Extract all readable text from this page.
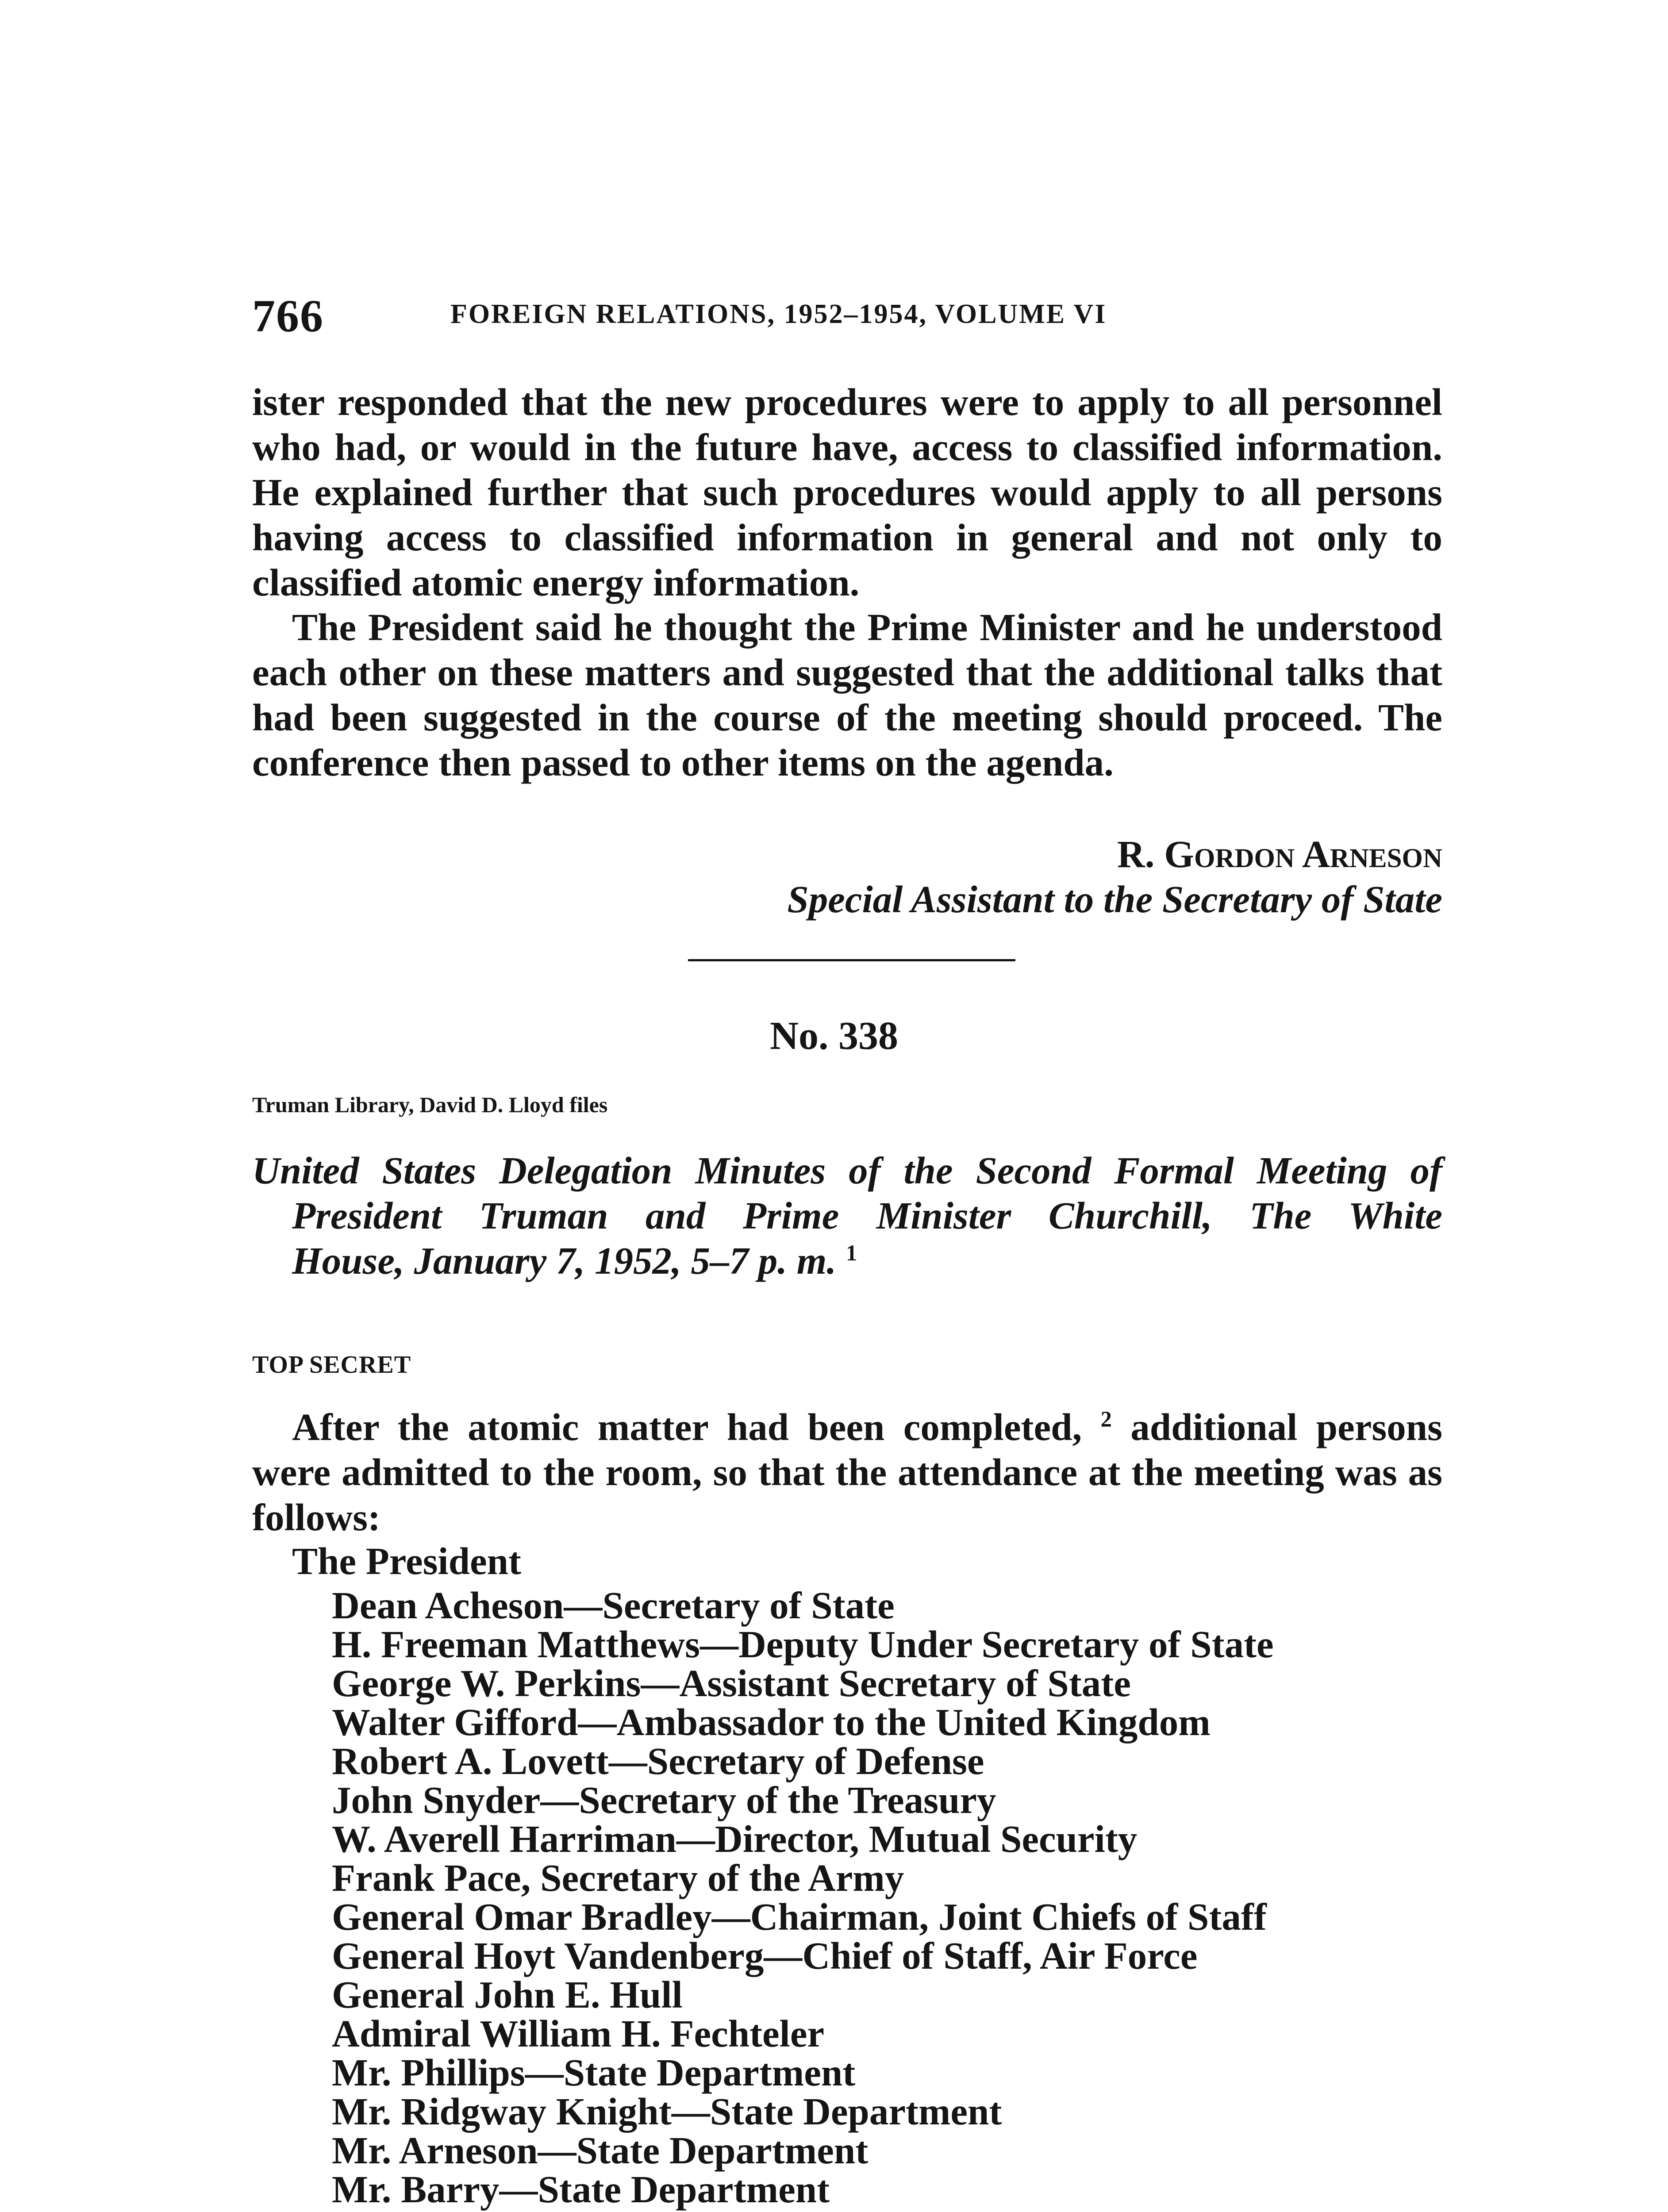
766	FOREIGN RELATIONS, 1952–1954, VOLUME VI

ister responded that the new procedures were to apply to all personnel who had, or would in the future have, access to classified information. He explained further that such procedures would apply to all persons having access to classified information in general and not only to classified atomic energy information.

The President said he thought the Prime Minister and he understood each other on these matters and suggested that the additional talks that had been suggested in the course of the meeting should proceed. The conference then passed to other items on the agenda.

R. Gordon Arneson
Special Assistant to the Secretary of State
No. 338
Truman Library, David D. Lloyd files
United States Delegation Minutes of the Second Formal Meeting of
President Truman and Prime Minister Churchill, The White
House, January 7, 1952, 5–7 p. m. $^1$
TOP SECRET

After the atomic matter had been completed, $^2$ additional persons were admitted to the room, so that the attendance at the meeting was as follows:

The President
Dean Acheson—Secretary of State
H. Freeman Matthews—Deputy Under Secretary of State
George W. Perkins—Assistant Secretary of State
Walter Gifford—Ambassador to the United Kingdom
Robert A. Lovett—Secretary of Defense
John Snyder—Secretary of the Treasury
W. Averell Harriman—Director, Mutual Security
Frank Pace, Secretary of the Army
General Omar Bradley—Chairman, Joint Chiefs of Staff
General Hoyt Vandenberg—Chief of Staff, Air Force
General John E. Hull
Admiral William H. Fechteler
Mr. Phillips—State Department
Mr. Ridgway Knight—State Department
Mr. Arneson—State Department
Mr. Barry—State Department
